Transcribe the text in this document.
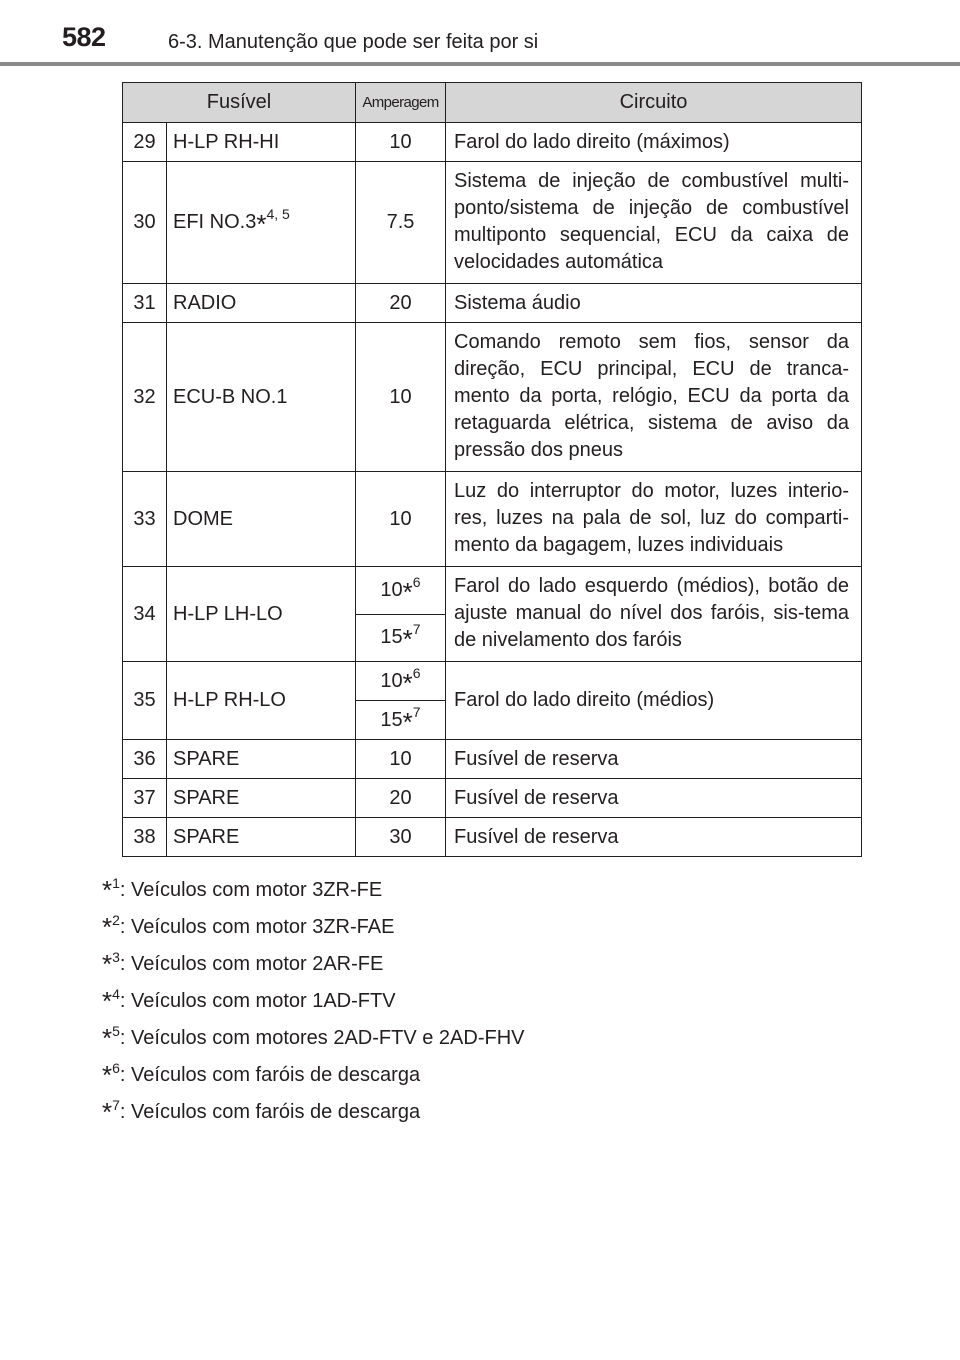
582	6-3. Manutenção que pode ser feita por si
Fusível		Amperagem	Circuito
29	H-LP RH-HI	10	Farol do lado direito (máximos)
30	EFI NO.3*$^{4, 5}$	7.5	Sistema de injeção de combustível multi-ponto/sistema de injeção de combustível multiponto sequencial, ECU da caixa de velocidades automática
31	RADIO	20	Sistema áudio
32	ECU-B NO.1	10	Comando remoto sem fios, sensor da direção, ECU principal, ECU de tranca-mento da porta, relógio, ECU da porta da retaguarda elétrica, sistema de aviso da pressão dos pneus
33	DOME	10	Luz do interruptor do motor, luzes interio-res, luzes na pala de sol, luz do comparti-mento da bagagem, luzes individuais
34	H-LP LH-LO	10*$^6$	Farol do lado esquerdo (médios), botão de ajuste manual do nível dos faróis, sis-tema de nivelamento dos faróis
		15*$^7$
35	H-LP RH-LO	10*$^6$	Farol do lado direito (médios)
		15*$^7$
36	SPARE	10	Fusível de reserva
37	SPARE	20	Fusível de reserva
38	SPARE	30	Fusível de reserva
*$^1$: Veículos com motor 3ZR-FE
*$^2$: Veículos com motor 3ZR-FAE
*$^3$: Veículos com motor 2AR-FE
*$^4$: Veículos com motor 1AD-FTV
*$^5$: Veículos com motores 2AD-FTV e 2AD-FHV
*$^6$: Veículos com faróis de descarga
*$^7$: Veículos com faróis de descarga
